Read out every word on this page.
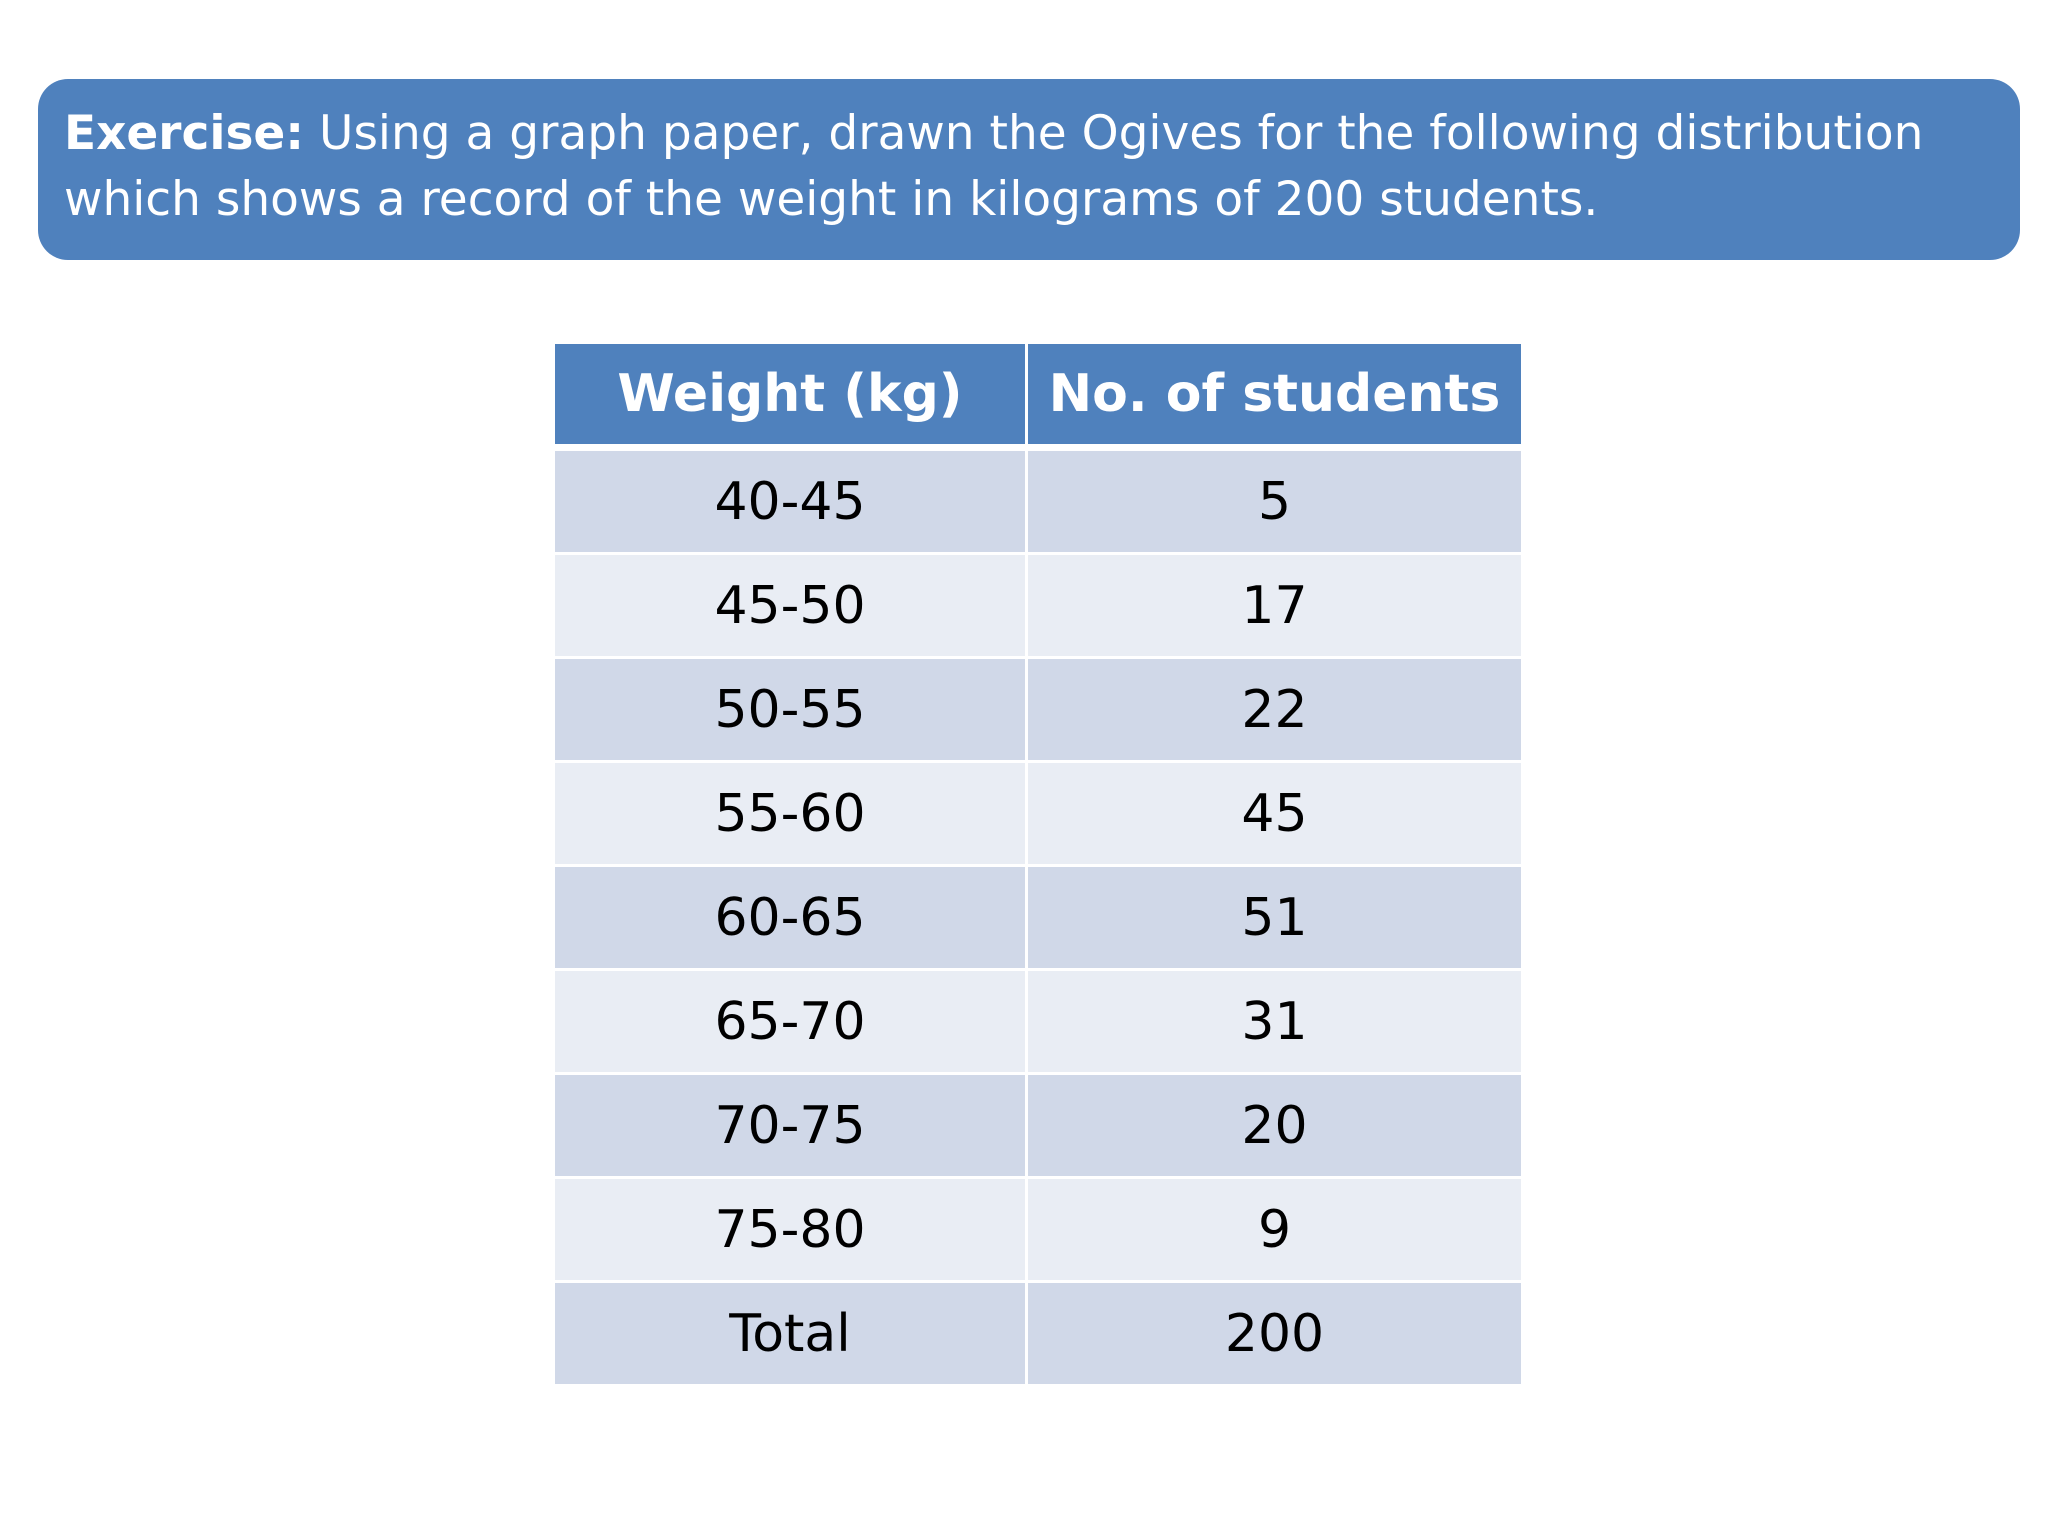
Exercise: Using a graph paper, drawn the Ogives for the following distribution which shows a record of the weight in kilograms of 200 students.
Weight (kg)	No. of students
40-45	5
45-50	17
50-55	22
55-60	45
60-65	51
65-70	31
70-75	20
75-80	9
Total	200
